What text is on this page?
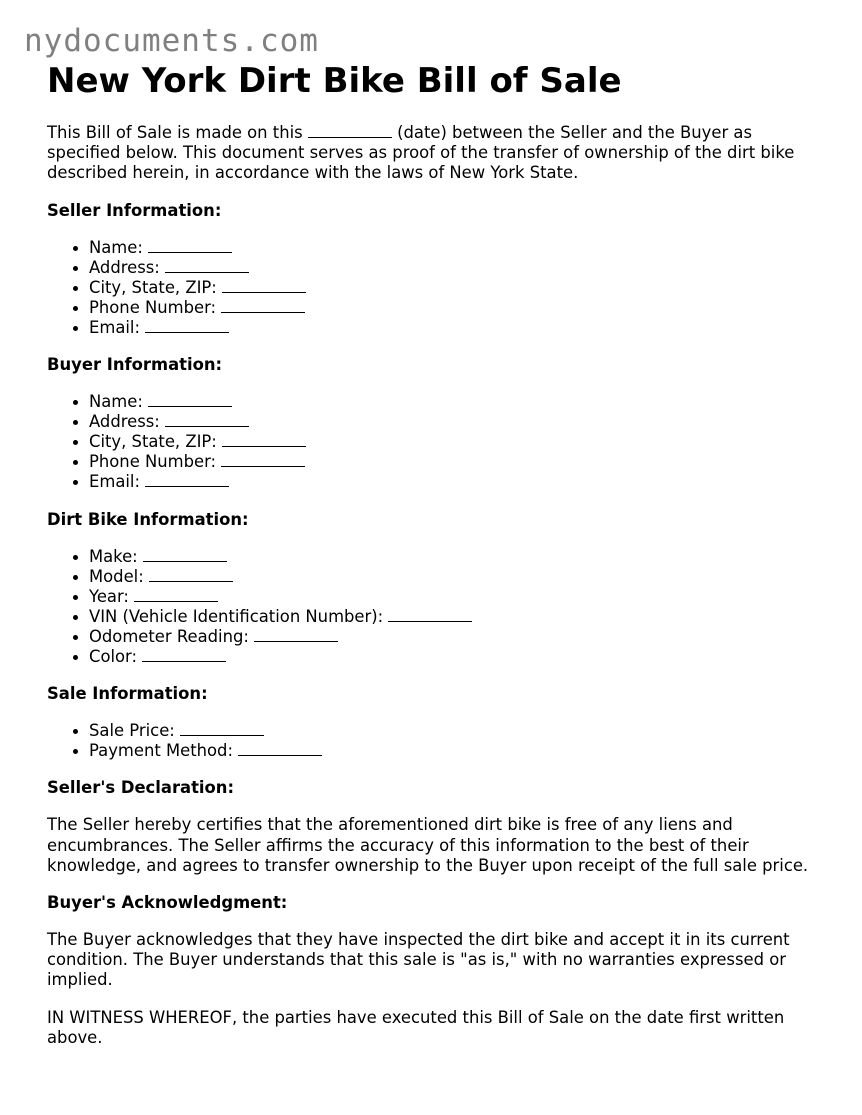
nydocuments.com
New York Dirt Bike Bill of Sale

This Bill of Sale is made on this	(date) between the Seller and the Buyer as specified below. This document serves as proof of the transfer of ownership of the dirt bike described herein, in accordance with the laws of New York State.

Seller Information:
Name:
Address:
City, State, ZIP:
Phone Number:
Email:
Buyer Information:
Name:
Address:
City, State, ZIP:
Phone Number:
Email:
Dirt Bike Information:
Make:
Model:
Year:
VIN (Vehicle Identification Number):
Odometer Reading:
Color:
Sale Information:
Sale Price:
Payment Method:
Seller's Declaration:

The Seller hereby certifies that the aforementioned dirt bike is free of any liens and encumbrances. The Seller affirms the accuracy of this information to the best of their knowledge, and agrees to transfer ownership to the Buyer upon receipt of the full sale price.

Buyer's Acknowledgment:

The Buyer acknowledges that they have inspected the dirt bike and accept it in its current condition. The Buyer understands that this sale is "as is," with no warranties expressed or implied.

IN WITNESS WHEREOF, the parties have executed this Bill of Sale on the date first written above.
